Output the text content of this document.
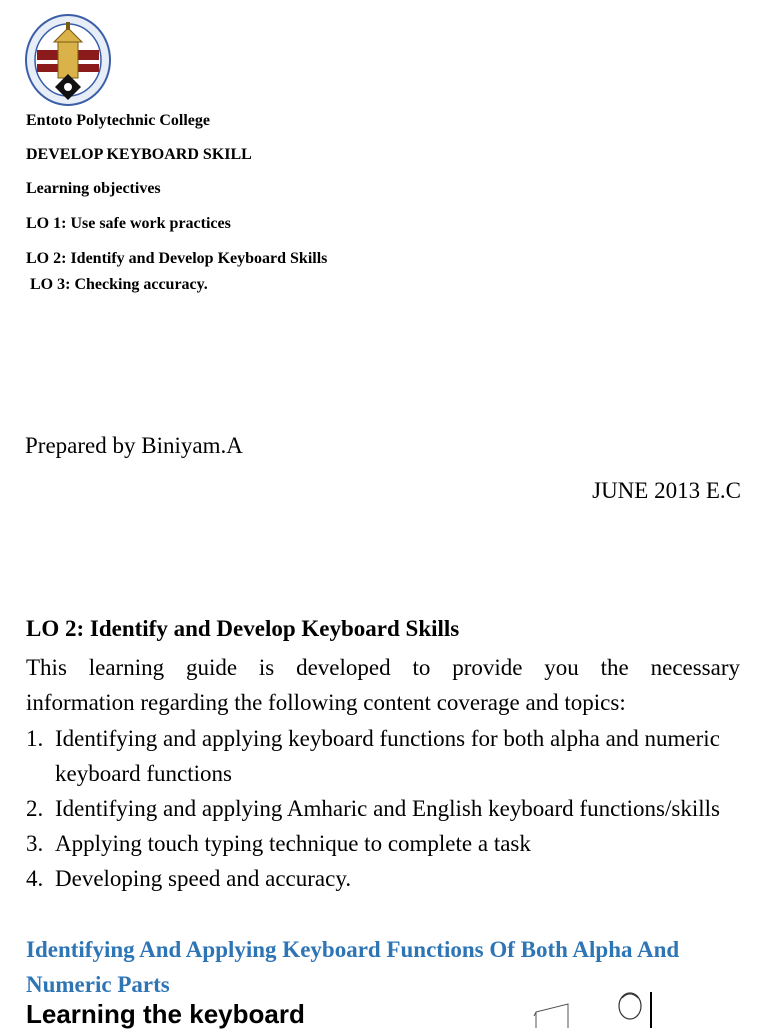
Entoto Polytechnic College
DEVELOP KEYBOARD SKILL
Learning objectives
LO 1: Use safe work practices
LO 2: Identify and Develop Keyboard Skills
LO 3: Checking accuracy.
Prepared by Biniyam.A
JUNE 2013 E.C
LO 2: Identify and Develop Keyboard Skills
This learning guide is developed to provide you the necessary
information regarding the following content coverage and topics:
1. Identifying and applying keyboard functions for both alpha and numeric keyboard functions
2. Identifying and applying Amharic and English keyboard functions/skills
3. Applying touch typing technique to complete a task
4. Developing speed and accuracy.
Identifying And Applying Keyboard Functions Of Both Alpha And Numeric Parts
Learning the keyboard
